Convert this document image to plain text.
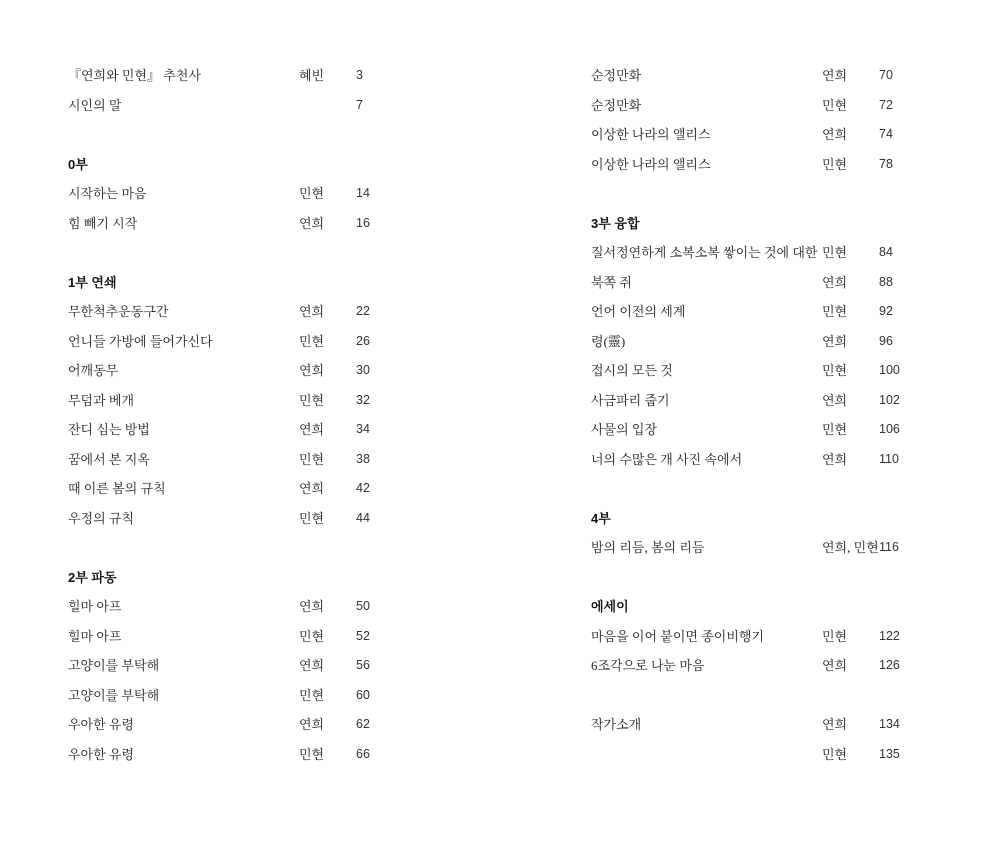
『연희와 민현』 추천사	혜빈	3
시인의 말	7
0부
시작하는 마음	민현	14
힘 빼기 시작	연희	16
1부 연쇄
무한척추운동구간	연희	22
언니들 가방에 들어가신다	민현	26
어깨동무	연희	30
무덤과 베개	민현	32
잔디 심는 방법	연희	34
꿈에서 본 지옥	민현	38
때 이른 봄의 규칙	연희	42
우정의 규칙	민현	44
2부 파동
힐마 아프	연희	50
힐마 아프	민현	52
고양이를 부탁해	연희	56
고양이를 부탁해	민현	60
우아한 유령	연희	62
우아한 유령	민현	66
순정만화	연희	70
순정만화	민현	72
이상한 나라의 앨리스	연희	74
이상한 나라의 앨리스	민현	78
3부 융합
질서정연하게 소복소복 쌓이는 것에 대한 민현	84
북쪽 쥐	연희	88
언어 이전의 세계	민현	92
령(靈)	연희	96
접시의 모든 것	민현	100
사금파리 줍기	연희	102
사물의 입장	민현	106
너의 수많은 개 사진 속에서	연희	110
4부
밤의 리듬, 봄의 리듬	연희, 민현 116
에세이
마음을 이어 붙이면 종이비행기	민현	122
6조각으로 나눈 마음	연희	126
작가소개	연희	134
민현	135
